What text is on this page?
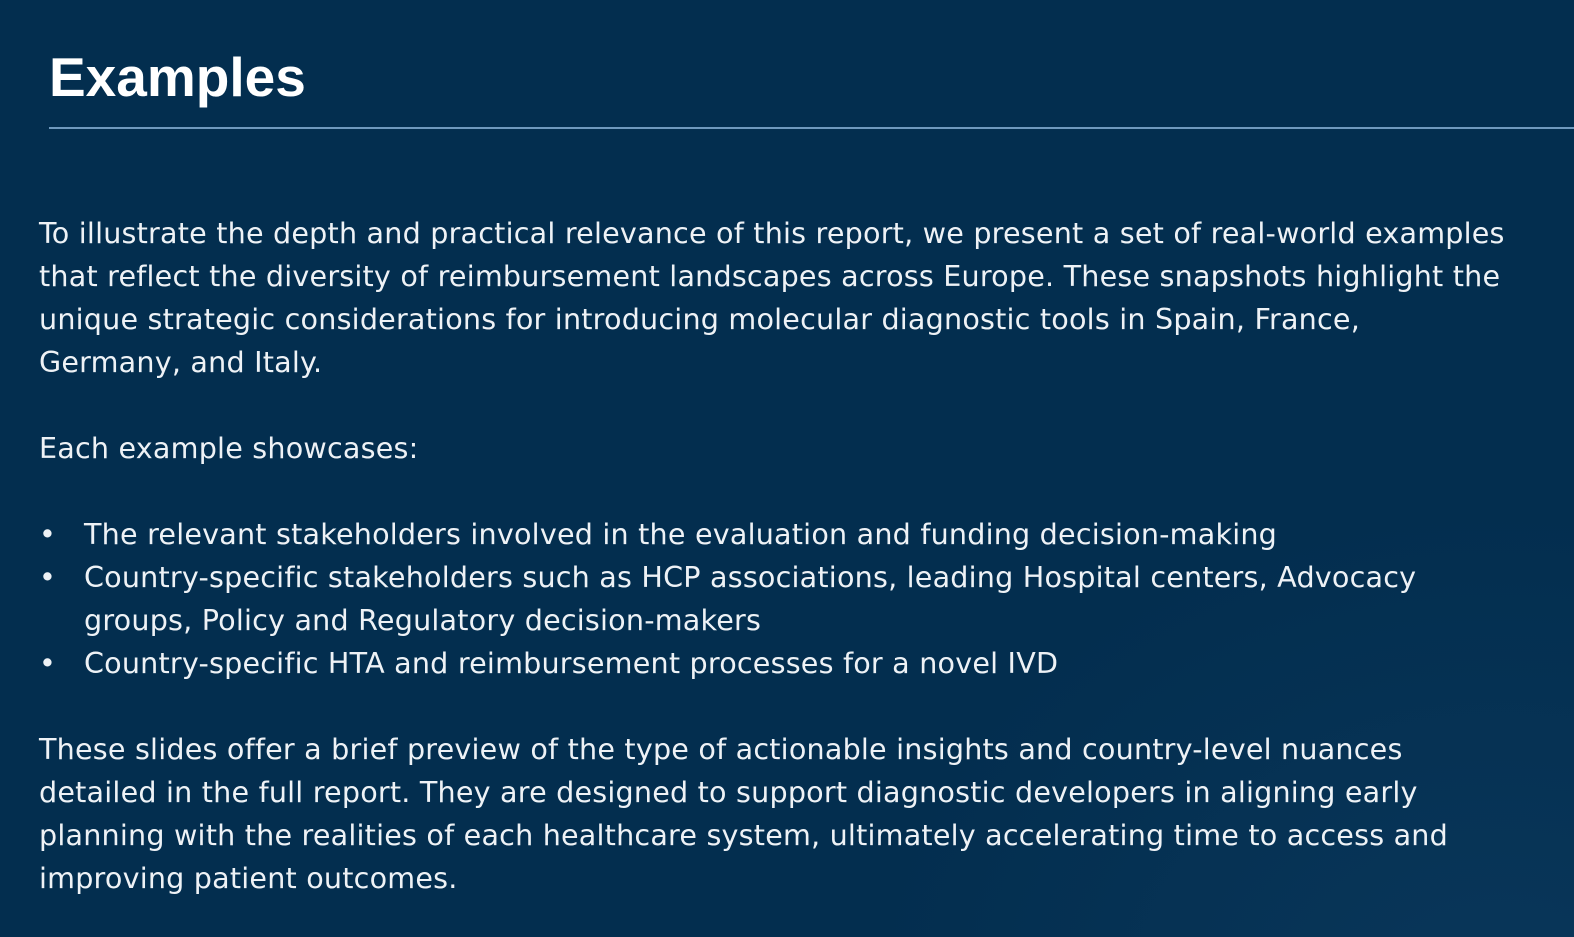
Examples

To illustrate the depth and practical relevance of this report, we present a set of real-world examples that reflect the diversity of reimbursement landscapes across Europe. These snapshots highlight the unique strategic considerations for introducing molecular diagnostic tools in Spain, France, Germany, and Italy.

Each example showcases:

• The relevant stakeholders involved in the evaluation and funding decision-making
• Country-specific stakeholders such as HCP associations, leading Hospital centers, Advocacy groups, Policy and Regulatory decision-makers
• Country-specific HTA and reimbursement processes for a novel IVD

These slides offer a brief preview of the type of actionable insights and country-level nuances detailed in the full report. They are designed to support diagnostic developers in aligning early planning with the realities of each healthcare system, ultimately accelerating time to access and improving patient outcomes.
